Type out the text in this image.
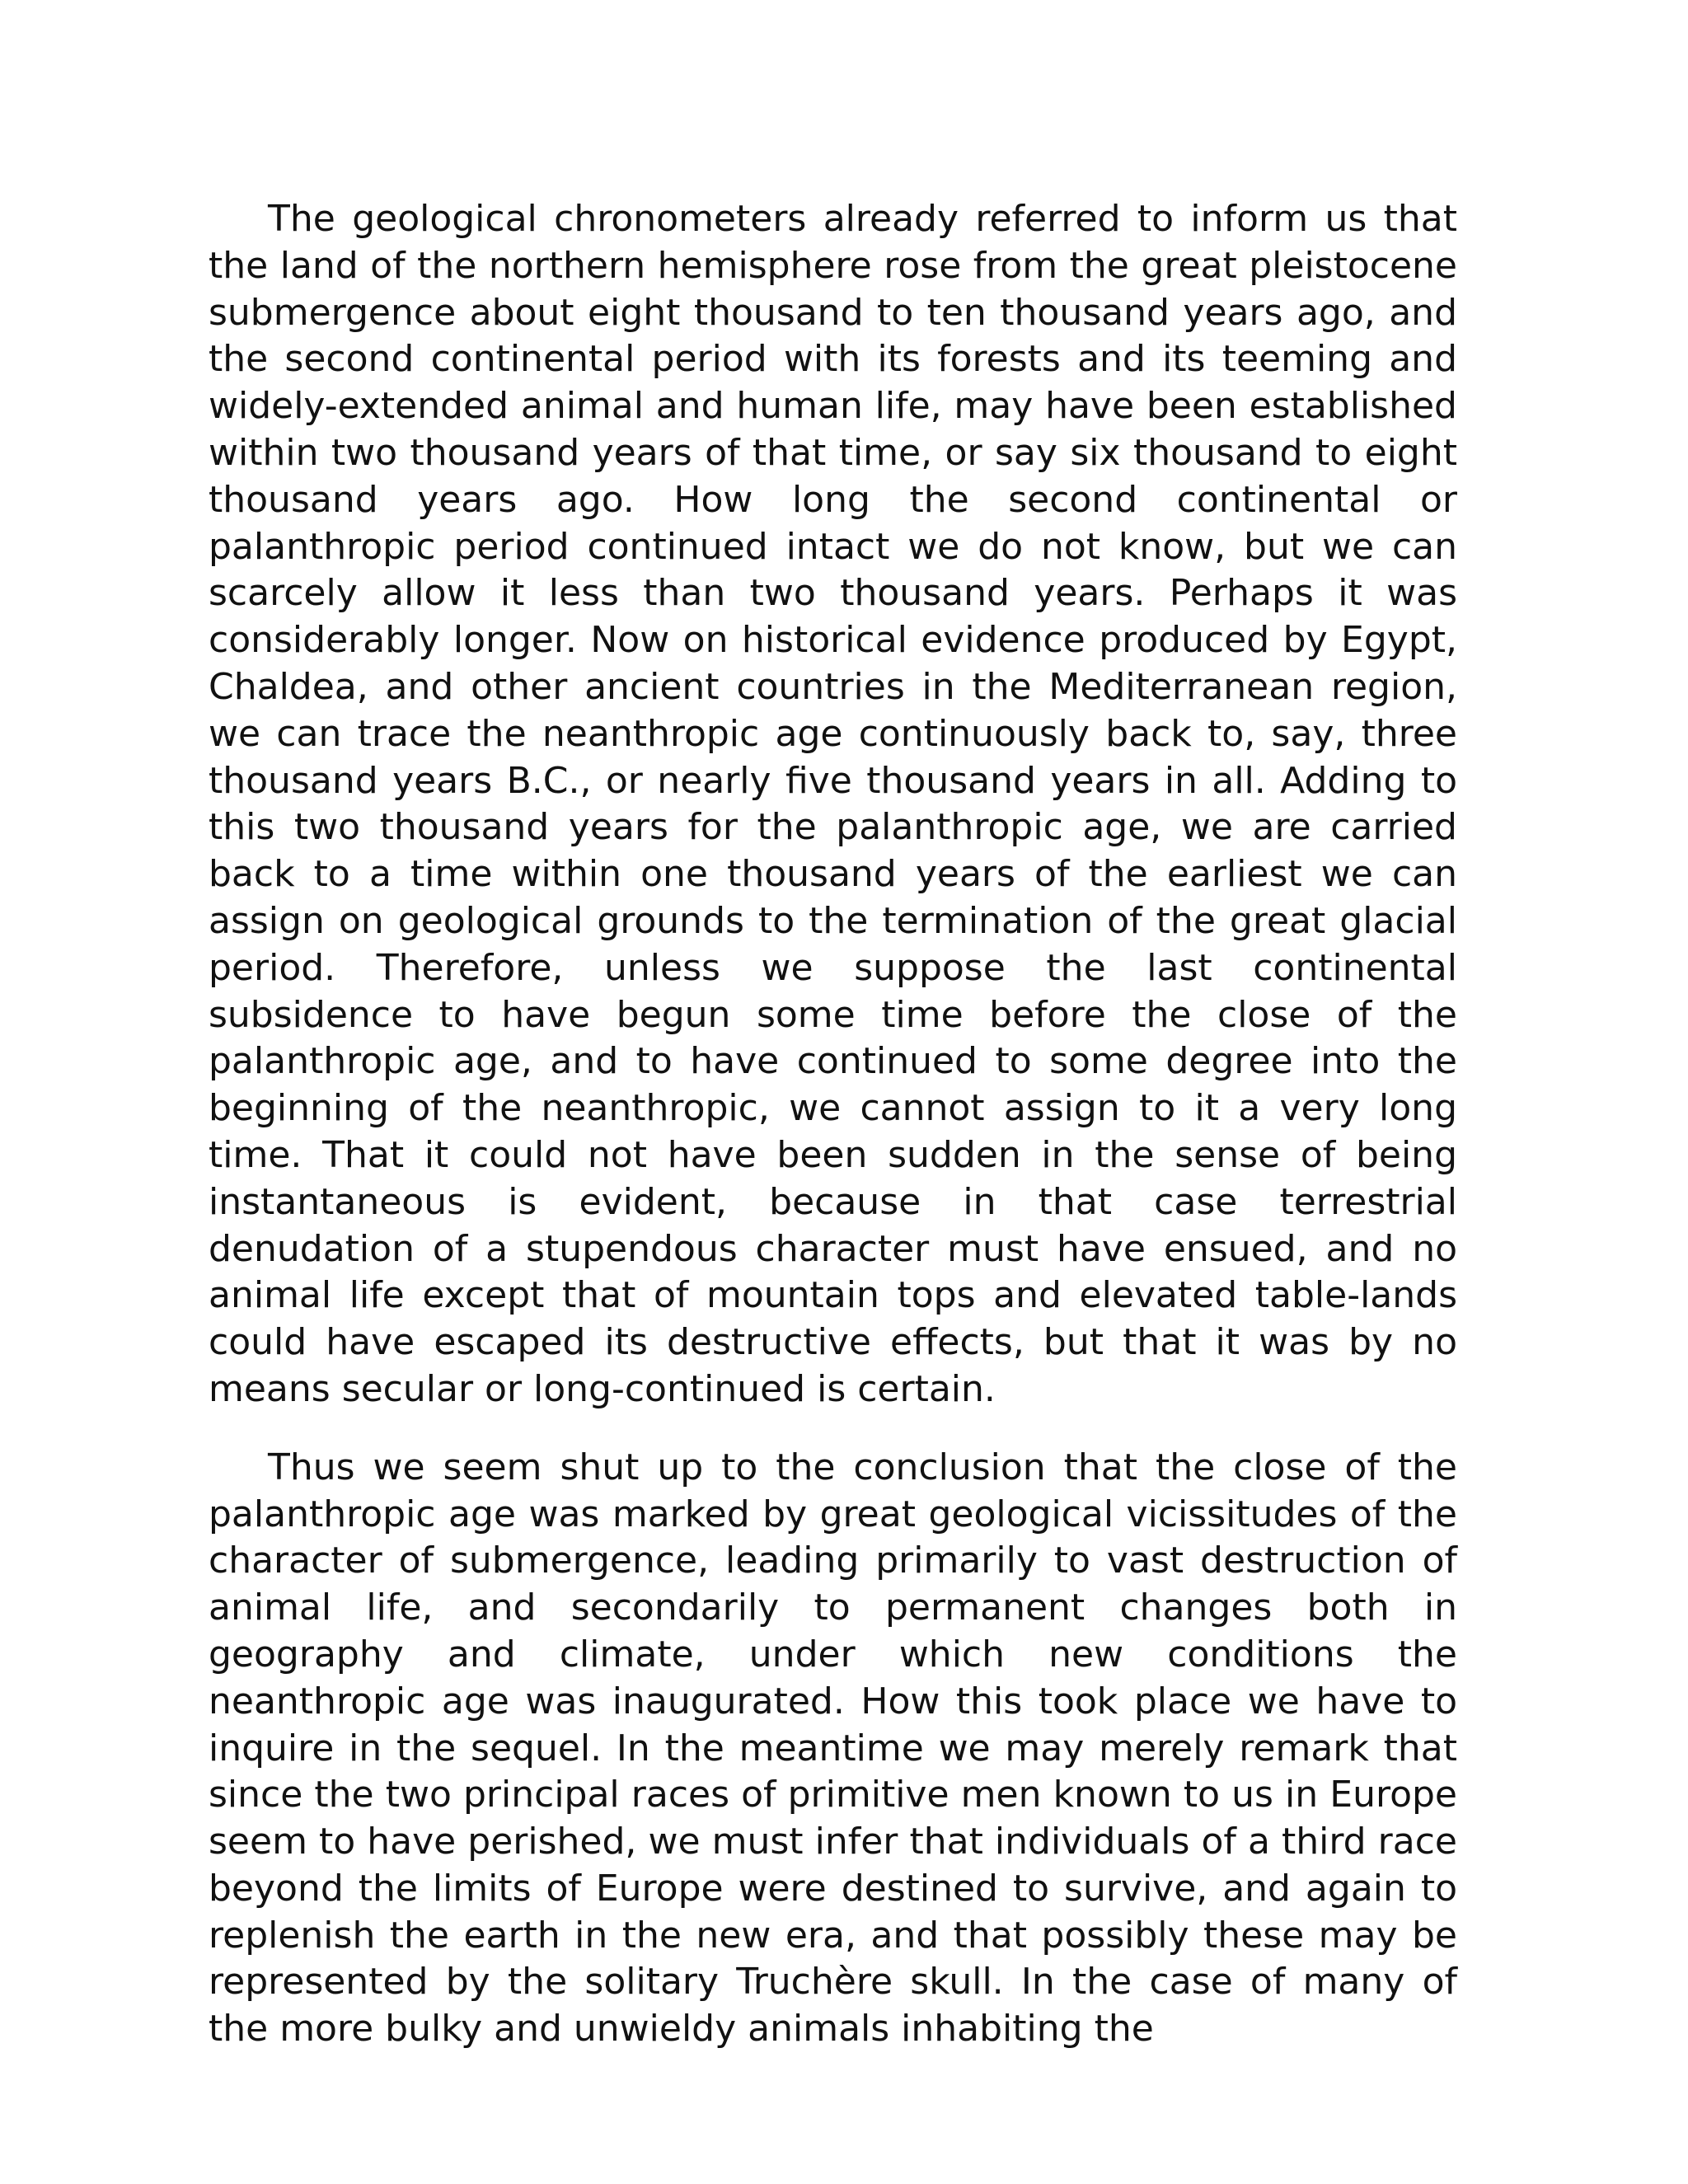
The geological chronometers already referred to inform us that the land of the northern hemisphere rose from the great pleistocene submergence about eight thousand to ten thousand years ago, and the second continental period with its forests and its teeming and widely-extended animal and human life, may have been established within two thousand years of that time, or say six thousand to eight thousand years ago. How long the second continental or palanthropic period continued intact we do not know, but we can scarcely allow it less than two thousand years. Perhaps it was considerably longer. Now on historical evidence produced by Egypt, Chaldea, and other ancient countries in the Mediterranean region, we can trace the neanthropic age continuously back to, say, three thousand years B.C., or nearly five thousand years in all. Adding to this two thousand years for the palanthropic age, we are carried back to a time within one thousand years of the earliest we can assign on geological grounds to the termination of the great glacial period. Therefore, unless we suppose the last continental subsidence to have begun some time before the close of the palanthropic age, and to have continued to some degree into the beginning of the neanthropic, we cannot assign to it a very long time. That it could not have been sudden in the sense of being instantaneous is evident, because in that case terrestrial denudation of a stupendous character must have ensued, and no animal life except that of mountain tops and elevated table-lands could have escaped its destructive effects, but that it was by no means secular or long-continued is certain.

Thus we seem shut up to the conclusion that the close of the palanthropic age was marked by great geological vicissitudes of the character of submergence, leading primarily to vast destruction of animal life, and secondarily to permanent changes both in geography and climate, under which new conditions the neanthropic age was inaugurated. How this took place we have to inquire in the sequel. In the meantime we may merely remark that since the two principal races of primitive men known to us in Europe seem to have perished, we must infer that individuals of a third race beyond the limits of Europe were destined to survive, and again to replenish the earth in the new era, and that possibly these may be represented by the solitary Truchère skull. In the case of many of the more bulky and unwieldy animals inhabiting the
